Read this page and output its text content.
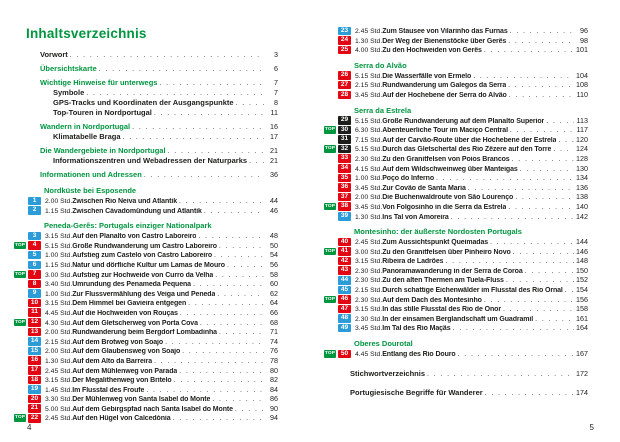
Inhaltsverzeichnis
Vorwort . . .	3
Übersichtskarte . . .	6
Wichtige Hinweise für unterwegs . . .	7
Symbole . . .	7
GPS-Tracks und Koordinaten der Ausgangspunkte . . .	8
Top-Touren in Nordportugal . . .	11
Wandern in Nordportugal . . .	16
Klimatabelle Braga . . .	17
Die Wandergebiete in Nordportugal . . .	21
Informationszentren und Webadressen der Naturparks . . .	21
Informationen und Adressen . . .	36
Nordküste bei Esposende
1	2.00 Std. Zwischen Rio Neiva und Atlantik . . .	44
2	1.15 Std. Zwischen Cávadomündung und Atlantik . . .	46
Peneda-Gerês: Portugals einziger Nationalpark
3	3.15 Std. Auf den Planalto von Castro Laboreiro . . .	48
TOP	4	5.15 Std. Große Rundwanderung um Castro Laboreiro . . .	50
5	1.00 Std. Aufstieg zum Castelo von Castro Laboreiro . . .	54
6	1.15 Std. Natur und dörfliche Kultur um Lamas de Mouro . . .	56
TOP	7	3.00 Std. Aufstieg zur Hochweide von Curro da Velha . . .	58
8	3.40 Std. Umrundung des Penameda Pequena . . .	60
9	1.00 Std. Zur Flussvermählung des Veiga und Peneda . . .	62
10	3.15 Std. Dem Himmel bei Gavieira entgegen . . .	64
11	4.45 Std. Auf die Hochweiden von Rouças . . .	66
TOP 12	4.30 Std. Auf dem Gletscherweg von Porta Cova . . .	68
13	2.00 Std. Rundwanderung beim Bergdorf Lombadinha . . .	71
14	2.15 Std. Auf dem Brotweg von Soajo . . .	74
15	2.00 Std. Auf dem Glaubensweg von Soajo . . .	76
16	1.30 Std. Auf dem Alto da Barreira . . .	78
17	2.45 Std. Auf dem Mühlenweg von Parada . . .	80
18	3.15 Std. Der Megalithenweg von Britelo . . .	82
19	1.45 Std. Im Flusstal des Froufe . . .	84
20	3.30 Std. Der Mühlenweg von Santa Isabel do Monte . . .	86
21	5.00 Std. Auf dem Gebirgspfad nach Santa Isabel do Monte . . .	90
TOP 22	2.45 Std. Auf den Hügel von Calcedónia . . .	94
4
23	2.45 Std. Zum Stausee von Vilarinho das Furnas . . .	96
24	1.30 Std. Der Weg der Bienenstöcke über Gerês . . .	98
25	4.00 Std. Zu den Hochweiden von Gerês . . .	101
Serra do Alvão
26	5.15 Std. Die Wasserfälle von Ermelo . . .	104
27	2.15 Std. Rundwanderung um Galegos da Serra . . .	108
28	3.45 Std. Auf der Hochebene der Serra do Alvão . . .	110
Serra da Estrela
29	5.15 Std. Große Rundwanderung auf dem Planalto Superior . . .	113
TOP 30	6.30 Std. Abenteuerliche Tour im Maciço Central . . .	117
31	7.15 Std. Auf der Carvão-Route über die Hochebene der Estrela . . .	120
TOP 32	5.15 Std. Durch das Gletschertal des Rio Zêzere auf den Torre . . .	124
33	2.30 Std. Zu den Granitfelsen von Poios Brancos . . .	128
34	4.15 Std. Auf dem Wildschweinweg über Manteigas . . .	130
35	1.00 Std. Poço do Inferno . . .	134
36	3.45 Std. Zur Covão de Santa Maria . . .	136
37	2.00 Std. Die Buchenwaldroute von São Lourenço . . .	138
TOP 38	3.45 Std. Von Folgosinho in die Serra da Estrela . . .	140
39	1.30 Std. Ins Tal von Amoreira . . .	142
Montesinho: der äußerste Nordosten Portugals
40	2.45 Std. Zum Aussichtspunkt Queimadas . . .	144
TOP 41	3.00 Std. Zu den Granitfelsen über Pinheiro Novo . . .	146
42	3.15 Std. Ribeira de Ladrões . . .	148
43	2.30 Std. Panoramawanderung in der Serra de Coroa . . .	150
44	2.30 Std. Zu den alten Thermen am Tuela-Fluss . . .	152
45	2.15 Std. Durch schattige Eichenwälder im Flusstal des Rio Ornal . . . 154
TOP 46	2.30 Std. Auf dem Dach des Montesinho . . .	156
47	3.15 Std. In das stille Flusstal des Rio de Onor . . .	158
48	2.30 Std. In der einsamen Berglandschaft um Guadramil . . .	161
49	3.45 Std. Im Tal des Rio Maçãs . . .	164
Oberes Dourotal
TOP 50	4.45 Std. Entlang des Rio Douro . . .	167
Stichwortverzeichnis . . .	172
Portugiesische Begriffe für Wanderer . . .	174
5
